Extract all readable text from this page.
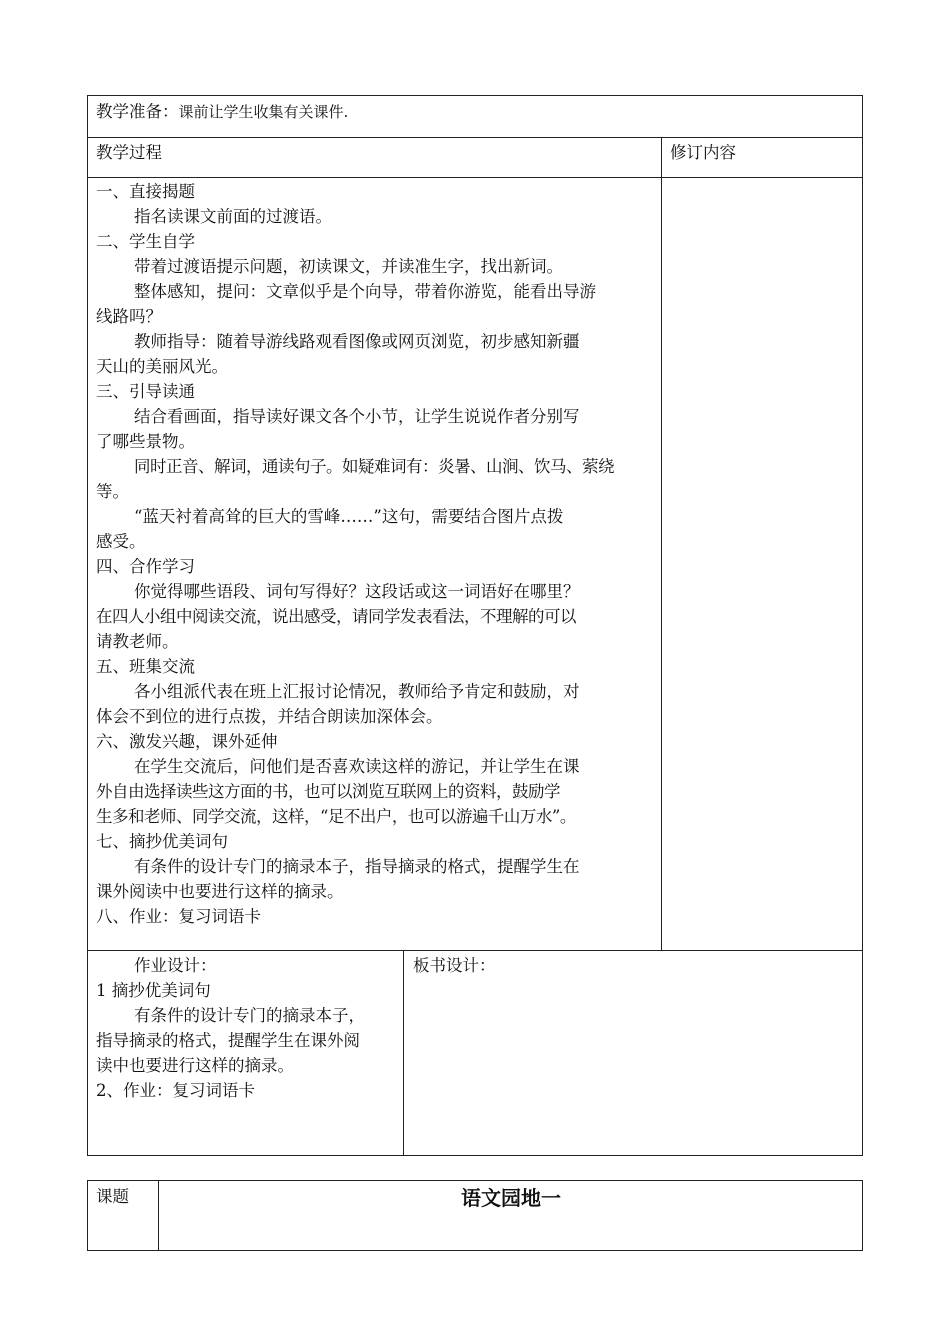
教学准备：课前让学生收集有关课件.
教学过程	修订内容
一、直接揭题
指名读课文前面的过渡语。
二、学生自学
带着过渡语提示问题，初读课文，并读准生字，找出新词。
整体感知，提问：文章似乎是个向导，带着你游览，能看出导游
线路吗？
教师指导：随着导游线路观看图像或网页浏览，初步感知新疆
天山的美丽风光。
三、引导读通
结合看画面，指导读好课文各个小节，让学生说说作者分别写
了哪些景物。
同时正音、解词，通读句子。如疑难词有：炎暑、山涧、饮马、萦绕
等。
“蓝天衬着高耸的巨大的雪峰……”这句，需要结合图片点拨
感受。
四、合作学习
你觉得哪些语段、词句写得好？这段话或这一词语好在哪里？
在四人小组中阅读交流，说出感受，请同学发表看法，不理解的可以
请教老师。
五、班集交流
各小组派代表在班上汇报讨论情况，教师给予肯定和鼓励，对
体会不到位的进行点拨，并结合朗读加深体会。
六、激发兴趣，课外延伸
在学生交流后，问他们是否喜欢读这样的游记，并让学生在课
外自由选择读些这方面的书，也可以浏览互联网上的资料，鼓励学
生多和老师、同学交流，这样，“足不出户，也可以游遍千山万水”。
七、摘抄优美词句
有条件的设计专门的摘录本子，指导摘录的格式，提醒学生在
课外阅读中也要进行这样的摘录。
八、作业：复习词语卡
作业设计：
1 摘抄优美词句
有条件的设计专门的摘录本子，
指导摘录的格式，提醒学生在课外阅
读中也要进行这样的摘录。
2、作业：复习词语卡
板书设计：
课题	语文园地一
